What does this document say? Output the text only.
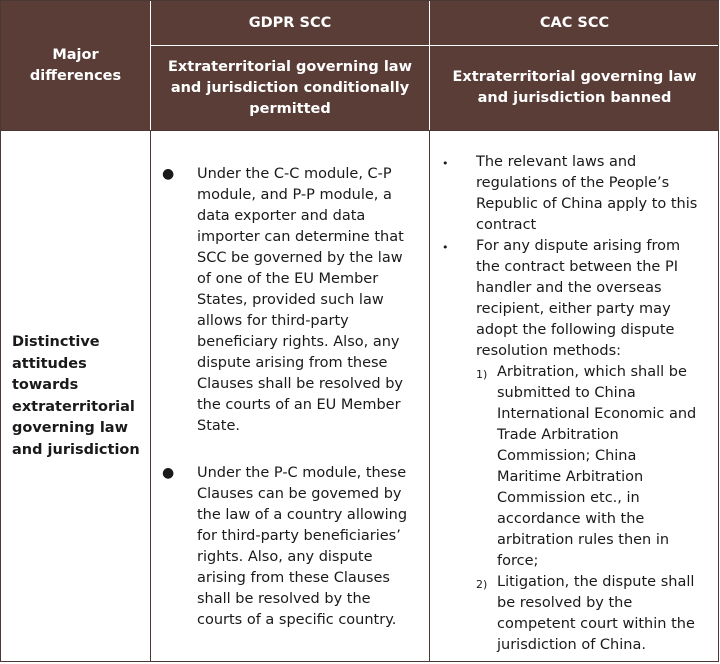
Major differences
GDPR SCC	CAC SCC
Extraterritorial governing law and jurisdiction conditionally permitted
Extraterritorial governing law and jurisdiction banned
Distinctive attitudes towards extraterritorial governing law and jurisdiction
● Under the C-C module, C-P module, and P-P module, a data exporter and data importer can determine that SCC be governed by the law of one of the EU Member States, provided such law allows for third-party beneficiary rights. Also, any dispute arising from these Clauses shall be resolved by the courts of an EU Member State.
● Under the P-C module, these Clauses can be govemed by the law of a country allowing for third-party beneficiaries’ rights. Also, any dispute arising from these Clauses shall be resolved by the courts of a specific country.
• The relevant laws and regulations of the People’s Republic of China apply to this contract
• For any dispute arising from the contract between the PI handler and the overseas recipient, either party may adopt the following dispute resolution methods:
1) Arbitration, which shall be submitted to China International Economic and Trade Arbitration Commission; China Maritime Arbitration Commission etc., in accordance with the arbitration rules then in force;
2) Litigation, the dispute shall be resolved by the competent court within the jurisdiction of China.
